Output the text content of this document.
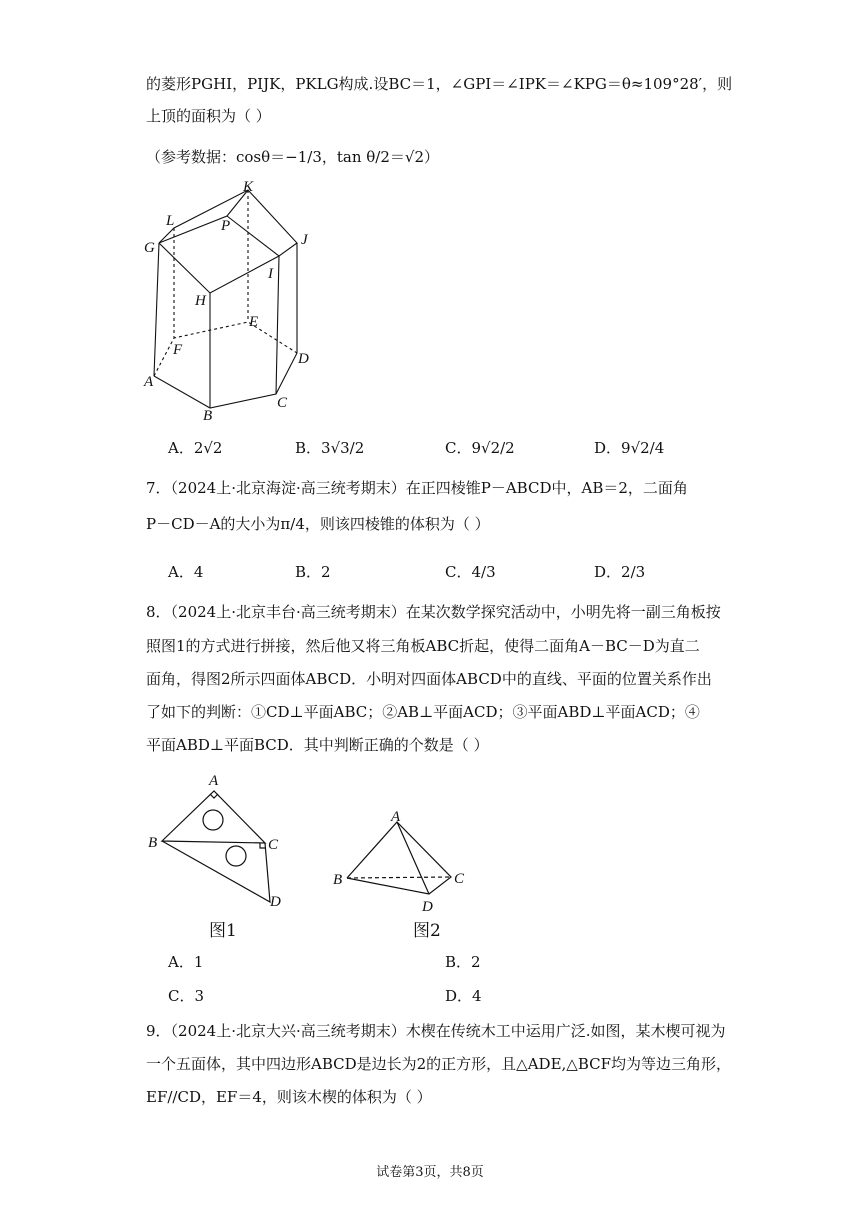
的菱形PGHI，PIJK，PKLG构成.设BC＝1，∠GPI＝∠IPK＝∠KPG＝θ≈109°28′，则
上顶的面积为（ ）
（参考数据：cosθ＝−1/3，tan θ/2＝√2）
K
L	P
G	J
I
H
E
F
D
A
B
C
A．2√2	B．3√3/2	C．9√2/2	D．9√2/4
7．（2024上·北京海淀·高三统考期末）在正四棱锥P－ABCD中，AB＝2，二面角
P－CD－A的大小为π/4，则该四棱锥的体积为（ ）
A．4	B．2	C．4/3	D．2/3
8．（2024上·北京丰台·高三统考期末）在某次数学探究活动中，小明先将一副三角板按
照图1的方式进行拼接，然后他又将三角板ABC折起，使得二面角A－BC－D为直二
面角，得图2所示四面体ABCD．小明对四面体ABCD中的直线、平面的位置关系作出
了如下的判断：①CD⊥平面ABC；②AB⊥平面ACD；③平面ABD⊥平面ACD；④
平面ABD⊥平面BCD．其中判断正确的个数是（ ）
A
B	C
D
图1
A
B	C
D
图2
A．1	B．2
C．3	D．4
9．（2024上·北京大兴·高三统考期末）木楔在传统木工中运用广泛.如图，某木楔可视为
一个五面体，其中四边形ABCD是边长为2的正方形，且△ADE,△BCF均为等边三角形，
EF//CD，EF＝4，则该木楔的体积为（ ）
试卷第3页，共8页
